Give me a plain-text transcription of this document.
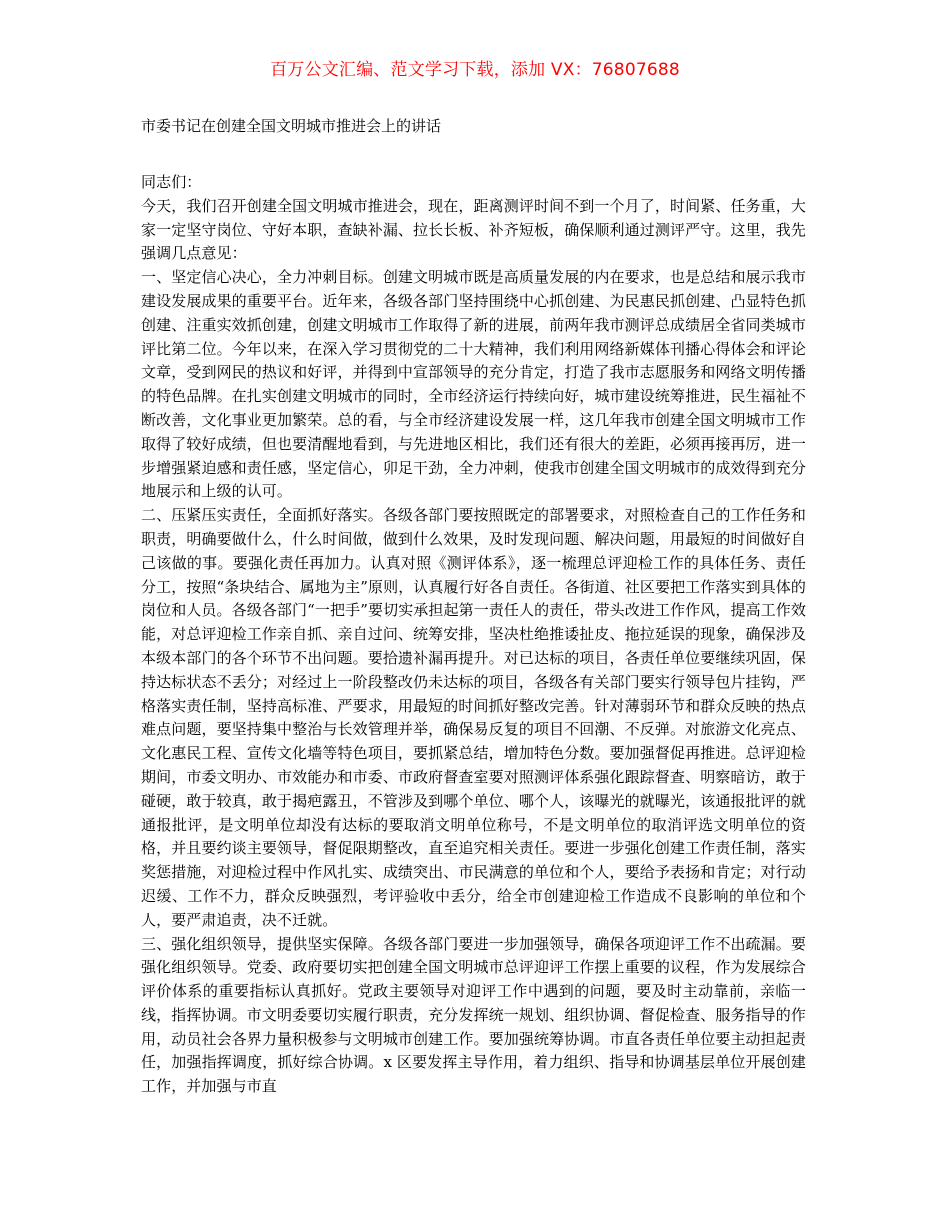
百万公文汇编、范文学习下载，添加 VX：76807688

市委书记在创建全国文明城市推进会上的讲话

同志们：

今天，我们召开创建全国文明城市推进会，现在，距离测评时间不到一个月了，时间紧、任务重，大家一定坚守岗位、守好本职，查缺补漏、拉长长板、补齐短板，确保顺利通过测评严守。这里，我先强调几点意见：

一、坚定信心决心，全力冲刺目标。创建文明城市既是高质量发展的内在要求，也是总结和展示我市建设发展成果的重要平台。近年来，各级各部门坚持围绕中心抓创建、为民惠民抓创建、凸显特色抓创建、注重实效抓创建，创建文明城市工作取得了新的进展，前两年我市测评总成绩居全省同类城市评比第二位。今年以来，在深入学习贯彻党的二十大精神，我们利用网络新媒体刊播心得体会和评论文章，受到网民的热议和好评，并得到中宣部领导的充分肯定，打造了我市志愿服务和网络文明传播的特色品牌。在扎实创建文明城市的同时，全市经济运行持续向好，城市建设统筹推进，民生福祉不断改善，文化事业更加繁荣。总的看，与全市经济建设发展一样，这几年我市创建全国文明城市工作取得了较好成绩，但也要清醒地看到，与先进地区相比，我们还有很大的差距，必须再接再厉，进一步增强紧迫感和责任感，坚定信心，卯足干劲，全力冲刺，使我市创建全国文明城市的成效得到充分地展示和上级的认可。

二、压紧压实责任，全面抓好落实。各级各部门要按照既定的部署要求，对照检查自己的工作任务和职责，明确要做什么，什么时间做，做到什么效果，及时发现问题、解决问题，用最短的时间做好自己该做的事。要强化责任再加力。认真对照《测评体系》，逐一梳理总评迎检工作的具体任务、责任分工，按照“条块结合、属地为主”原则，认真履行好各自责任。各街道、社区要把工作落实到具体的岗位和人员。各级各部门“一把手”要切实承担起第一责任人的责任，带头改进工作作风，提高工作效能，对总评迎检工作亲自抓、亲自过问、统筹安排，坚决杜绝推诿扯皮、拖拉延误的现象，确保涉及本级本部门的各个环节不出问题。要拾遗补漏再提升。对已达标的项目，各责任单位要继续巩固，保持达标状态不丢分；对经过上一阶段整改仍未达标的项目，各级各有关部门要实行领导包片挂钩，严格落实责任制，坚持高标准、严要求，用最短的时间抓好整改完善。针对薄弱环节和群众反映的热点难点问题，要坚持集中整治与长效管理并举，确保易反复的项目不回潮、不反弹。对旅游文化亮点、文化惠民工程、宣传文化墙等特色项目，要抓紧总结，增加特色分数。要加强督促再推进。总评迎检期间，市委文明办、市效能办和市委、市政府督查室要对照测评体系强化跟踪督查、明察暗访，敢于碰硬，敢于较真，敢于揭疤露丑，不管涉及到哪个单位、哪个人，该曝光的就曝光，该通报批评的就通报批评，是文明单位却没有达标的要取消文明单位称号，不是文明单位的取消评选文明单位的资格，并且要约谈主要领导，督促限期整改，直至追究相关责任。要进一步强化创建工作责任制，落实奖惩措施，对迎检过程中作风扎实、成绩突出、市民满意的单位和个人，要给予表扬和肯定；对行动迟缓、工作不力，群众反映强烈，考评验收中丢分，给全市创建迎检工作造成不良影响的单位和个人，要严肃追责，决不迁就。

三、强化组织领导，提供坚实保障。各级各部门要进一步加强领导，确保各项迎评工作不出疏漏。要强化组织领导。党委、政府要切实把创建全国文明城市总评迎评工作摆上重要的议程，作为发展综合评价体系的重要指标认真抓好。党政主要领导对迎评工作中遇到的问题，要及时主动靠前，亲临一线，指挥协调。市文明委要切实履行职责，充分发挥统一规划、组织协调、督促检查、服务指导的作用，动员社会各界力量积极参与文明城市创建工作。要加强统筹协调。市直各责任单位要主动担起责任，加强指挥调度，抓好综合协调。x 区要发挥主导作用，着力组织、指导和协调基层单位开展创建工作，并加强与市直
